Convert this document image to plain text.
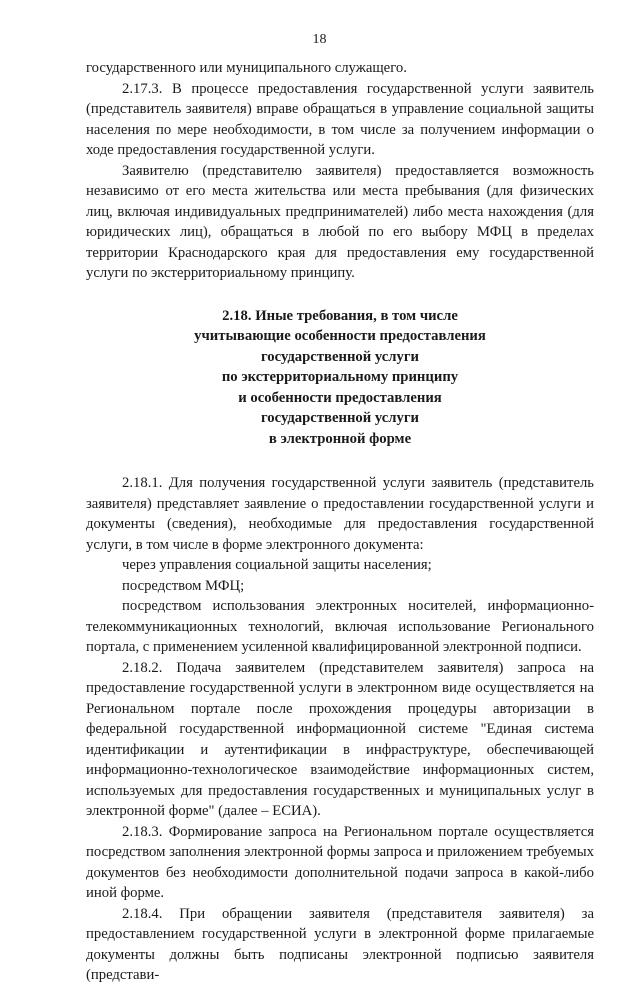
18

государственного или муниципального служащего.

2.17.3. В процессе предоставления государственной услуги заявитель (представитель заявителя) вправе обращаться в управление социальной защиты населения по мере необходимости, в том числе за получением информации о ходе предоставления государственной услуги.

Заявителю (представителю заявителя) предоставляется возможность независимо от его места жительства или места пребывания (для физических лиц, включая индивидуальных предпринимателей) либо места нахождения (для юридических лиц), обращаться в любой по его выбору МФЦ в пределах территории Краснодарского края для предоставления ему государственной услуги по экстерриториальному принципу.

2.18. Иные требования, в том числе
учитывающие особенности предоставления
государственной услуги
по экстерриториальному принципу
и особенности предоставления
государственной услуги
в электронной форме

2.18.1. Для получения государственной услуги заявитель (представитель заявителя) представляет заявление о предоставлении государственной услуги и документы (сведения), необходимые для предоставления государственной услуги, в том числе в форме электронного документа:

через управления социальной защиты населения;

посредством МФЦ;

посредством использования электронных носителей, информационно-телекоммуникационных технологий, включая использование Регионального портала, с применением усиленной квалифицированной электронной подписи.

2.18.2. Подача заявителем (представителем заявителя) запроса на предоставление государственной услуги в электронном виде осуществляется на Региональном портале после прохождения процедуры авторизации в федеральной государственной информационной системе "Единая система идентификации и аутентификации в инфраструктуре, обеспечивающей информационно-технологическое взаимодействие информационных систем, используемых для предоставления государственных и муниципальных услуг в электронной форме" (далее – ЕСИА).

2.18.3. Формирование запроса на Региональном портале осуществляется посредством заполнения электронной формы запроса и приложением требуемых документов без необходимости дополнительной подачи запроса в какой-либо иной форме.

2.18.4. При обращении заявителя (представителя заявителя) за предоставлением государственной услуги в электронной форме прилагаемые документы должны быть подписаны электронной подписью заявителя (представи-
